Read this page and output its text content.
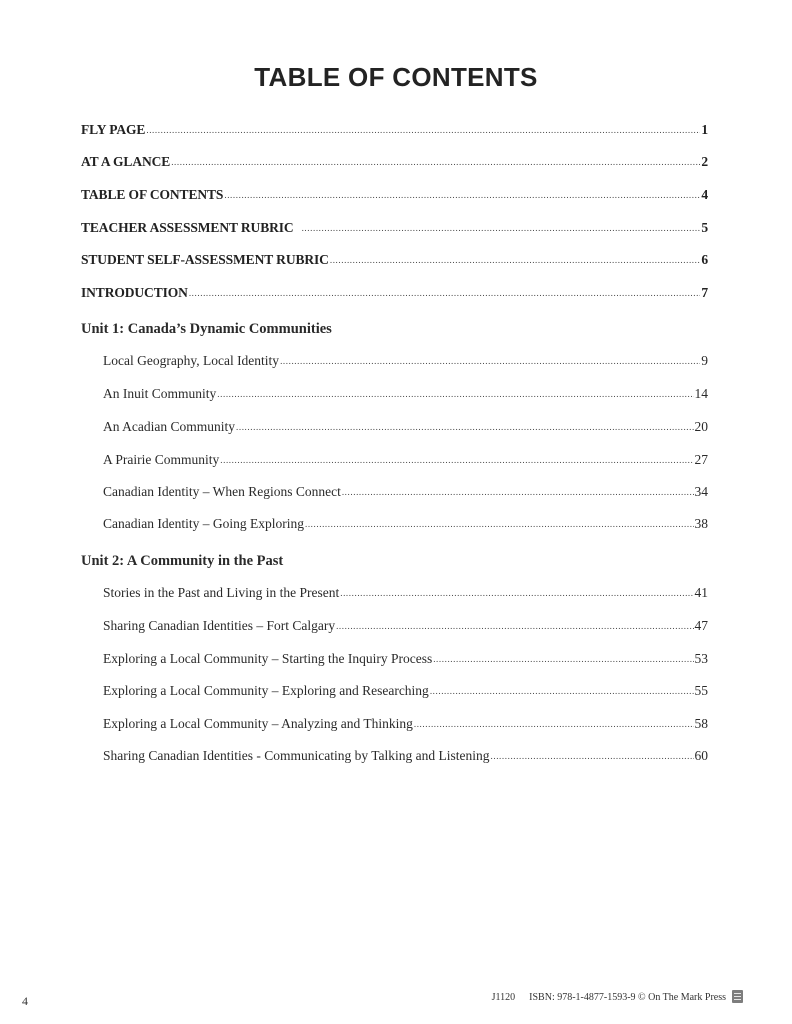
TABLE OF CONTENTS
FLY PAGE .....	1
AT A GLANCE .....	2
TABLE OF CONTENTS .....	4
TEACHER ASSESSMENT RUBRIC .....	5
STUDENT SELF-ASSESSMENT RUBRIC .....	6
INTRODUCTION .....	7
Unit 1: Canada’s Dynamic Communities
Local Geography, Local Identity .....	9
An Inuit Community .....	14
An Acadian Community .....	20
A Prairie Community .....	27
Canadian Identity – When Regions Connect .....	34
Canadian Identity – Going Exploring .....	38
Unit 2: A Community in the Past
Stories in the Past and Living in the Present .....	41
Sharing Canadian Identities – Fort Calgary .....	47
Exploring a Local Community – Starting the Inquiry Process .....	53
Exploring a Local Community – Exploring and Researching .....	55
Exploring a Local Community – Analyzing and Thinking .....	58
Sharing Canadian Identities - Communicating by Talking and Listening .....	60
4	J1120 ISBN: 978-1-4877-1593-9 © On The Mark Press
